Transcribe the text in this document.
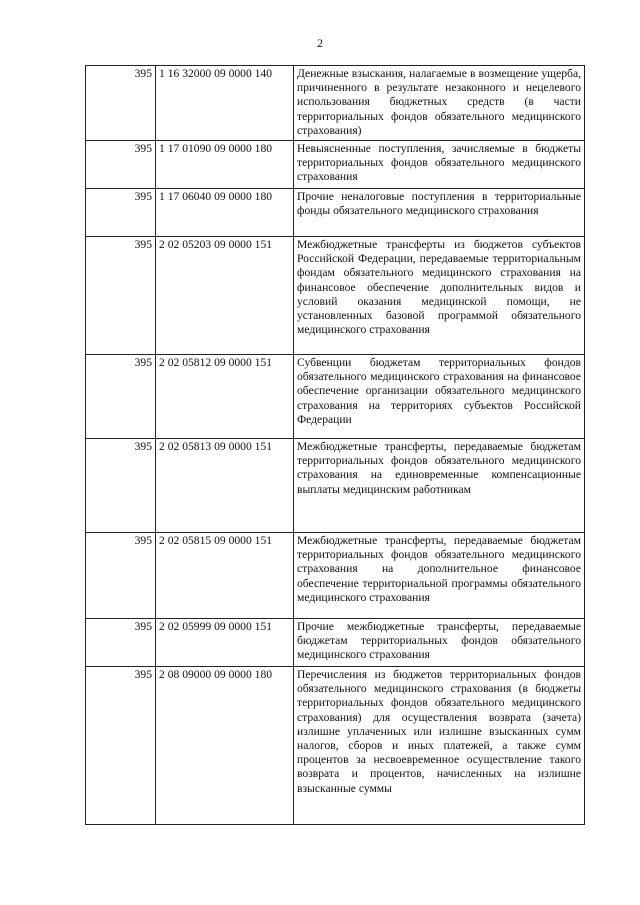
2
395	1 16 32000 09 0000 140	Денежные взыскания, налагаемые в возмещение ущерба, причиненного в результате незаконного и нецелевого использования бюджетных средств (в части территориальных фондов обязательного медицинского страхования)
395	1 17 01090 09 0000 180	Невыясненные поступления, зачисляемые в бюджеты территориальных фондов обязательного медицинского страхования
395	1 17 06040 09 0000 180	Прочие неналоговые поступления в территориальные фонды обязательного медицинского страхования
395	2 02 05203 09 0000 151	Межбюджетные трансферты из бюджетов субъектов Российской Федерации, передаваемые территориальным фондам обязательного медицинского страхования на финансовое обеспечение дополнительных видов и условий оказания медицинской помощи, не установленных базовой программой обязательного медицинского страхования
395	2 02 05812 09 0000 151	Субвенции бюджетам территориальных фондов обязательного медицинского страхования на финансовое обеспечение организации обязательного медицинского страхования на территориях субъектов Российской Федерации
395	2 02 05813 09 0000 151	Межбюджетные трансферты, передаваемые бюджетам территориальных фондов обязательного медицинского страхования на единовременные компенсационные выплаты медицинским работникам
395	2 02 05815 09 0000 151	Межбюджетные трансферты, передаваемые бюджетам территориальных фондов обязательного медицинского страхования на дополнительное финансовое обеспечение территориальной программы обязательного медицинского страхования
395	2 02 05999 09 0000 151	Прочие межбюджетные трансферты, передаваемые бюджетам территориальных фондов обязательного медицинского страхования
395	2 08 09000 09 0000 180	Перечисления из бюджетов территориальных фондов обязательного медицинского страхования (в бюджеты территориальных фондов обязательного медицинского страхования) для осуществления возврата (зачета) излишне уплаченных или излишне взысканных сумм налогов, сборов и иных платежей, а также сумм процентов за несвоевременное осуществление такого возврата и процентов, начисленных на излишне взысканные суммы
